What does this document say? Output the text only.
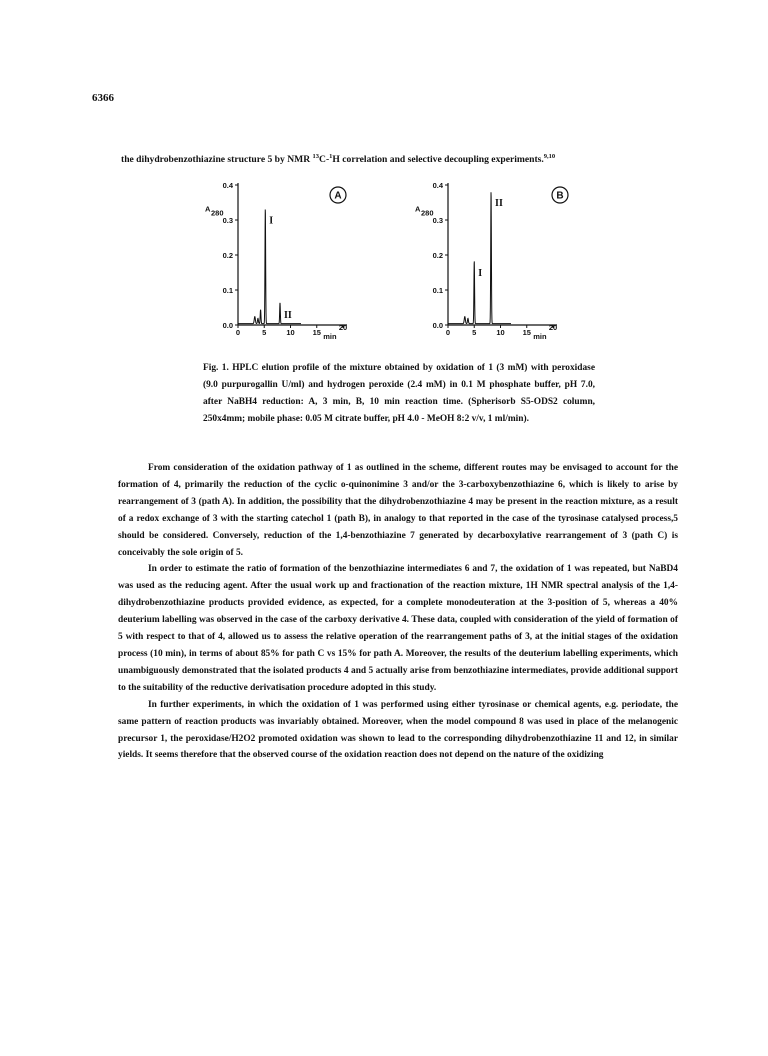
6366
the dihydrobenzothiazine structure 5 by NMR $^{13}$C-$^1$H correlation and selective decoupling experiments.$^{9,10}$
0.0
0.1
0.2
0.3
0.4
0	5	10 15
20
min
A 280
A
I
II
0.0
0.1
0.2
0.3
0.4
0	5	10 15
20
min
A 280
B
I
II
Fig. 1. HPLC elution profile of the mixture obtained by oxidation of 1 (3 mM) with peroxidase (9.0 purpurogallin U/ml) and hydrogen peroxide (2.4 mM) in 0.1 M phosphate buffer, pH 7.0, after NaBH4 reduction: A, 3 min, B, 10 min reaction time. (Spherisorb S5-ODS2 column, 250x4mm; mobile phase: 0.05 M citrate buffer, pH 4.0 - MeOH 8:2 v/v, 1 ml/min).

From consideration of the oxidation pathway of 1 as outlined in the scheme, different routes may be envisaged to account for the formation of 4, primarily the reduction of the cyclic o-quinonimine 3 and/or the 3-carboxybenzothiazine 6, which is likely to arise by rearrangement of 3 (path A). In addition, the possibility that the dihydrobenzothiazine 4 may be present in the reaction mixture, as a result of a redox exchange of 3 with the starting catechol 1 (path B), in analogy to that reported in the case of the tyrosinase catalysed process,5 should be considered. Conversely, reduction of the 1,4-benzothiazine 7 generated by decarboxylative rearrangement of 3 (path C) is conceivably the sole origin of 5.

In order to estimate the ratio of formation of the benzothiazine intermediates 6 and 7, the oxidation of 1 was repeated, but NaBD4 was used as the reducing agent. After the usual work up and fractionation of the reaction mixture, 1H NMR spectral analysis of the 1,4-dihydrobenzothiazine products provided evidence, as expected, for a complete monodeuteration at the 3-position of 5, whereas a 40% deuterium labelling was observed in the case of the carboxy derivative 4. These data, coupled with consideration of the yield of formation of 5 with respect to that of 4, allowed us to assess the relative operation of the rearrangement paths of 3, at the initial stages of the oxidation process (10 min), in terms of about 85% for path C vs 15% for path A. Moreover, the results of the deuterium labelling experiments, which unambiguously demonstrated that the isolated products 4 and 5 actually arise from benzothiazine intermediates, provide additional support to the suitability of the reductive derivatisation procedure adopted in this study.

In further experiments, in which the oxidation of 1 was performed using either tyrosinase or chemical agents, e.g. periodate, the same pattern of reaction products was invariably obtained. Moreover, when the model compound 8 was used in place of the melanogenic precursor 1, the peroxidase/H2O2 promoted oxidation was shown to lead to the corresponding dihydrobenzothiazine 11 and 12, in similar yields. It seems therefore that the observed course of the oxidation reaction does not depend on the nature of the oxidizing
